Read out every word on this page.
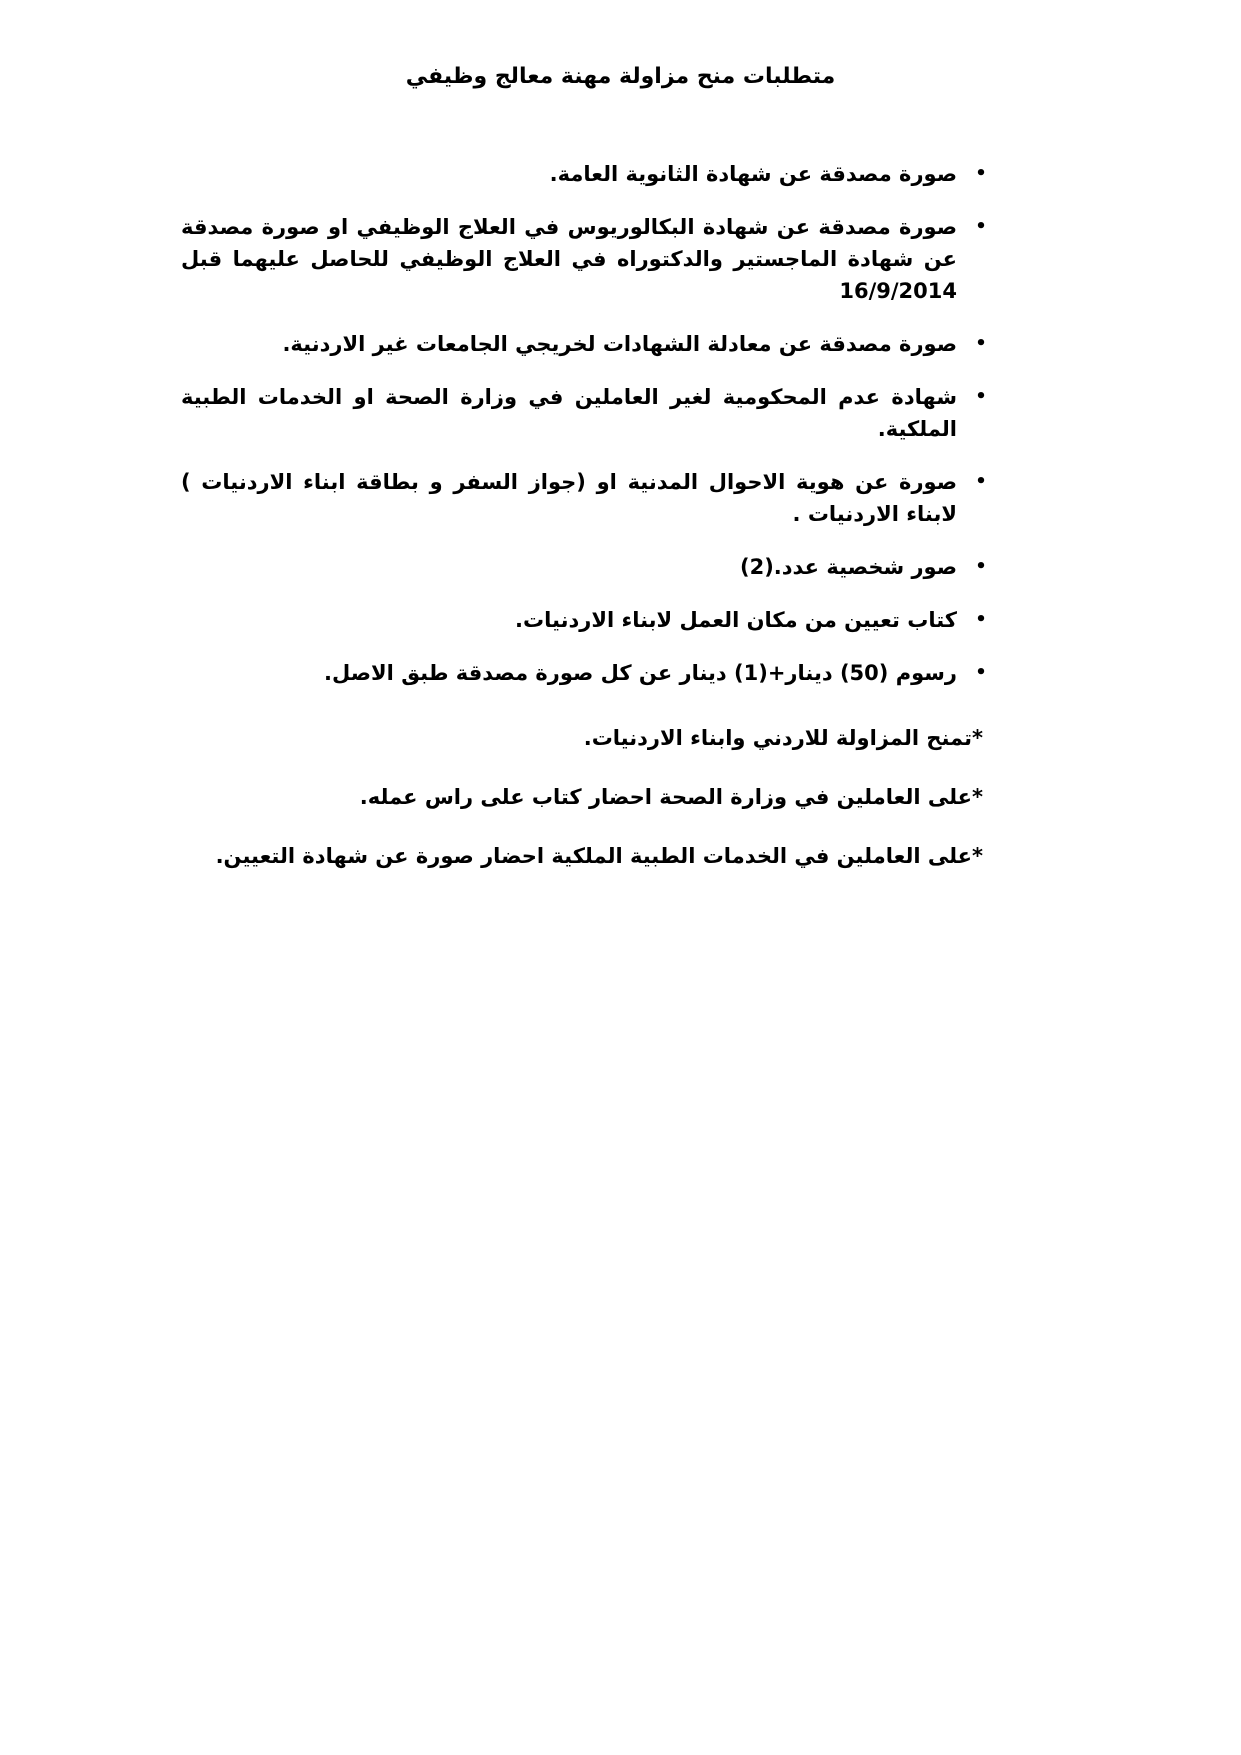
متطلبات منح مزاولة مهنة معالج وظيفي
•
صورة مصدقة عن شهادة الثانوية العامة.
•
صورة مصدقة عن شهادة البكالوريوس في العلاج الوظيفي او صورة مصدقة عن شهادة الماجستير والدكتوراه في العلاج الوظيفي للحاصل عليهما قبل 16/9/2014
•
صورة مصدقة عن معادلة الشهادات لخريجي الجامعات غير الاردنية.
•
شهادة عدم المحكومية لغير العاملين في وزارة الصحة او الخدمات الطبية الملكية.
•
صورة عن هوية الاحوال المدنية او (جواز السفر و بطاقة ابناء الاردنيات ) لابناء الاردنيات .
•
صور شخصية عدد.(2)
•
كتاب تعيين من مكان العمل لابناء الاردنيات.
•
رسوم (50) دينار+(1) دينار عن كل صورة مصدقة طبق الاصل.
*تمنح المزاولة للاردني وابناء الاردنيات.
*على العاملين في وزارة الصحة احضار كتاب على راس عمله.
*على العاملين في الخدمات الطبية الملكية احضار صورة عن شهادة التعيين.
